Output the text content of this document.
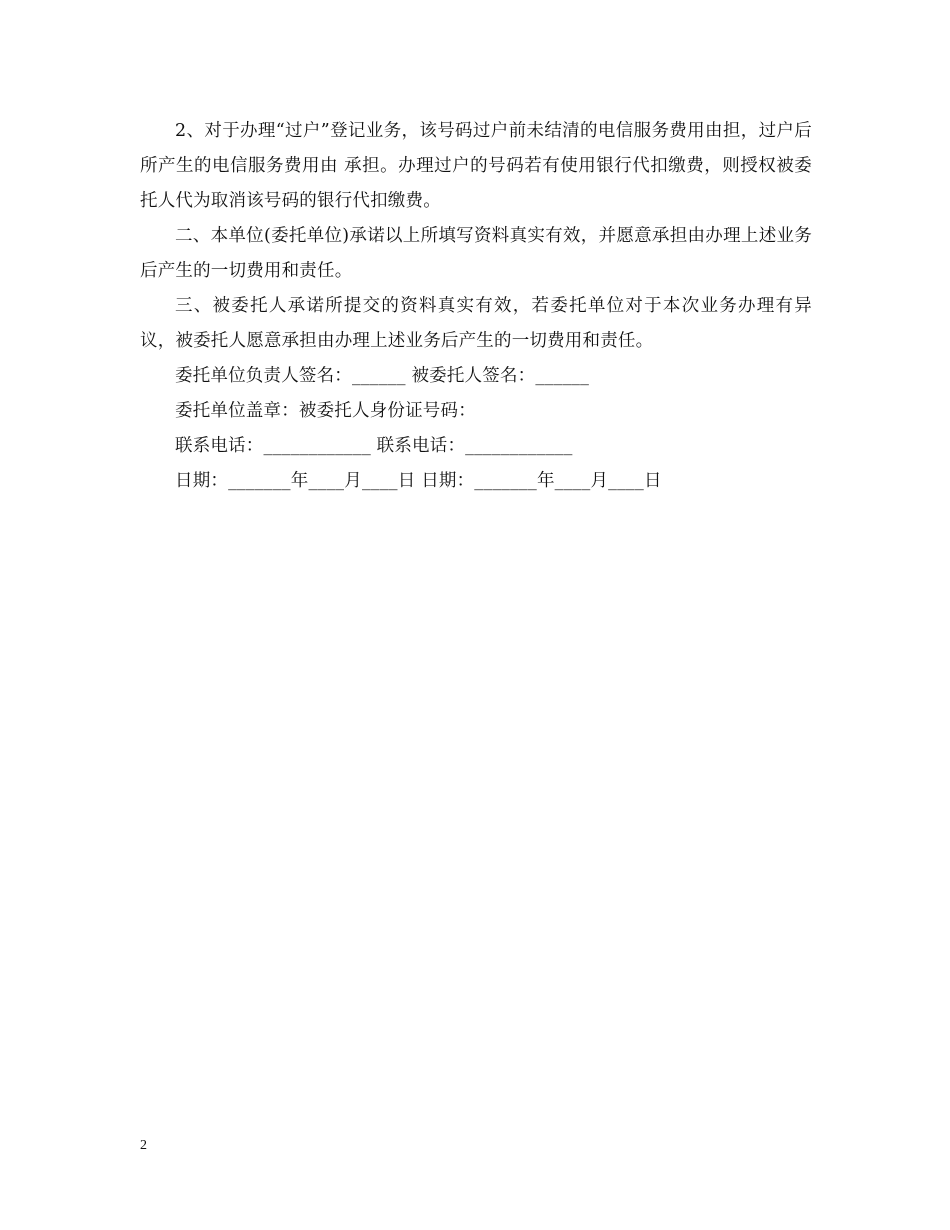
2、对于办理“过户”登记业务，该号码过户前未结清的电信服务费用由担，过户后所产生的电信服务费用由 承担。办理过户的号码若有使用银行代扣缴费，则授权被委托人代为取消该号码的银行代扣缴费。

二、本单位(委托单位)承诺以上所填写资料真实有效，并愿意承担由办理上述业务后产生的一切费用和责任。

三、被委托人承诺所提交的资料真实有效，若委托单位对于本次业务办理有异议，被委托人愿意承担由办理上述业务后产生的一切费用和责任。

委托单位负责人签名：______ 被委托人签名：______

委托单位盖章：被委托人身份证号码：

联系电话：____________ 联系电话：____________

日期：_______年____月____日 日期：_______年____月____日

2
